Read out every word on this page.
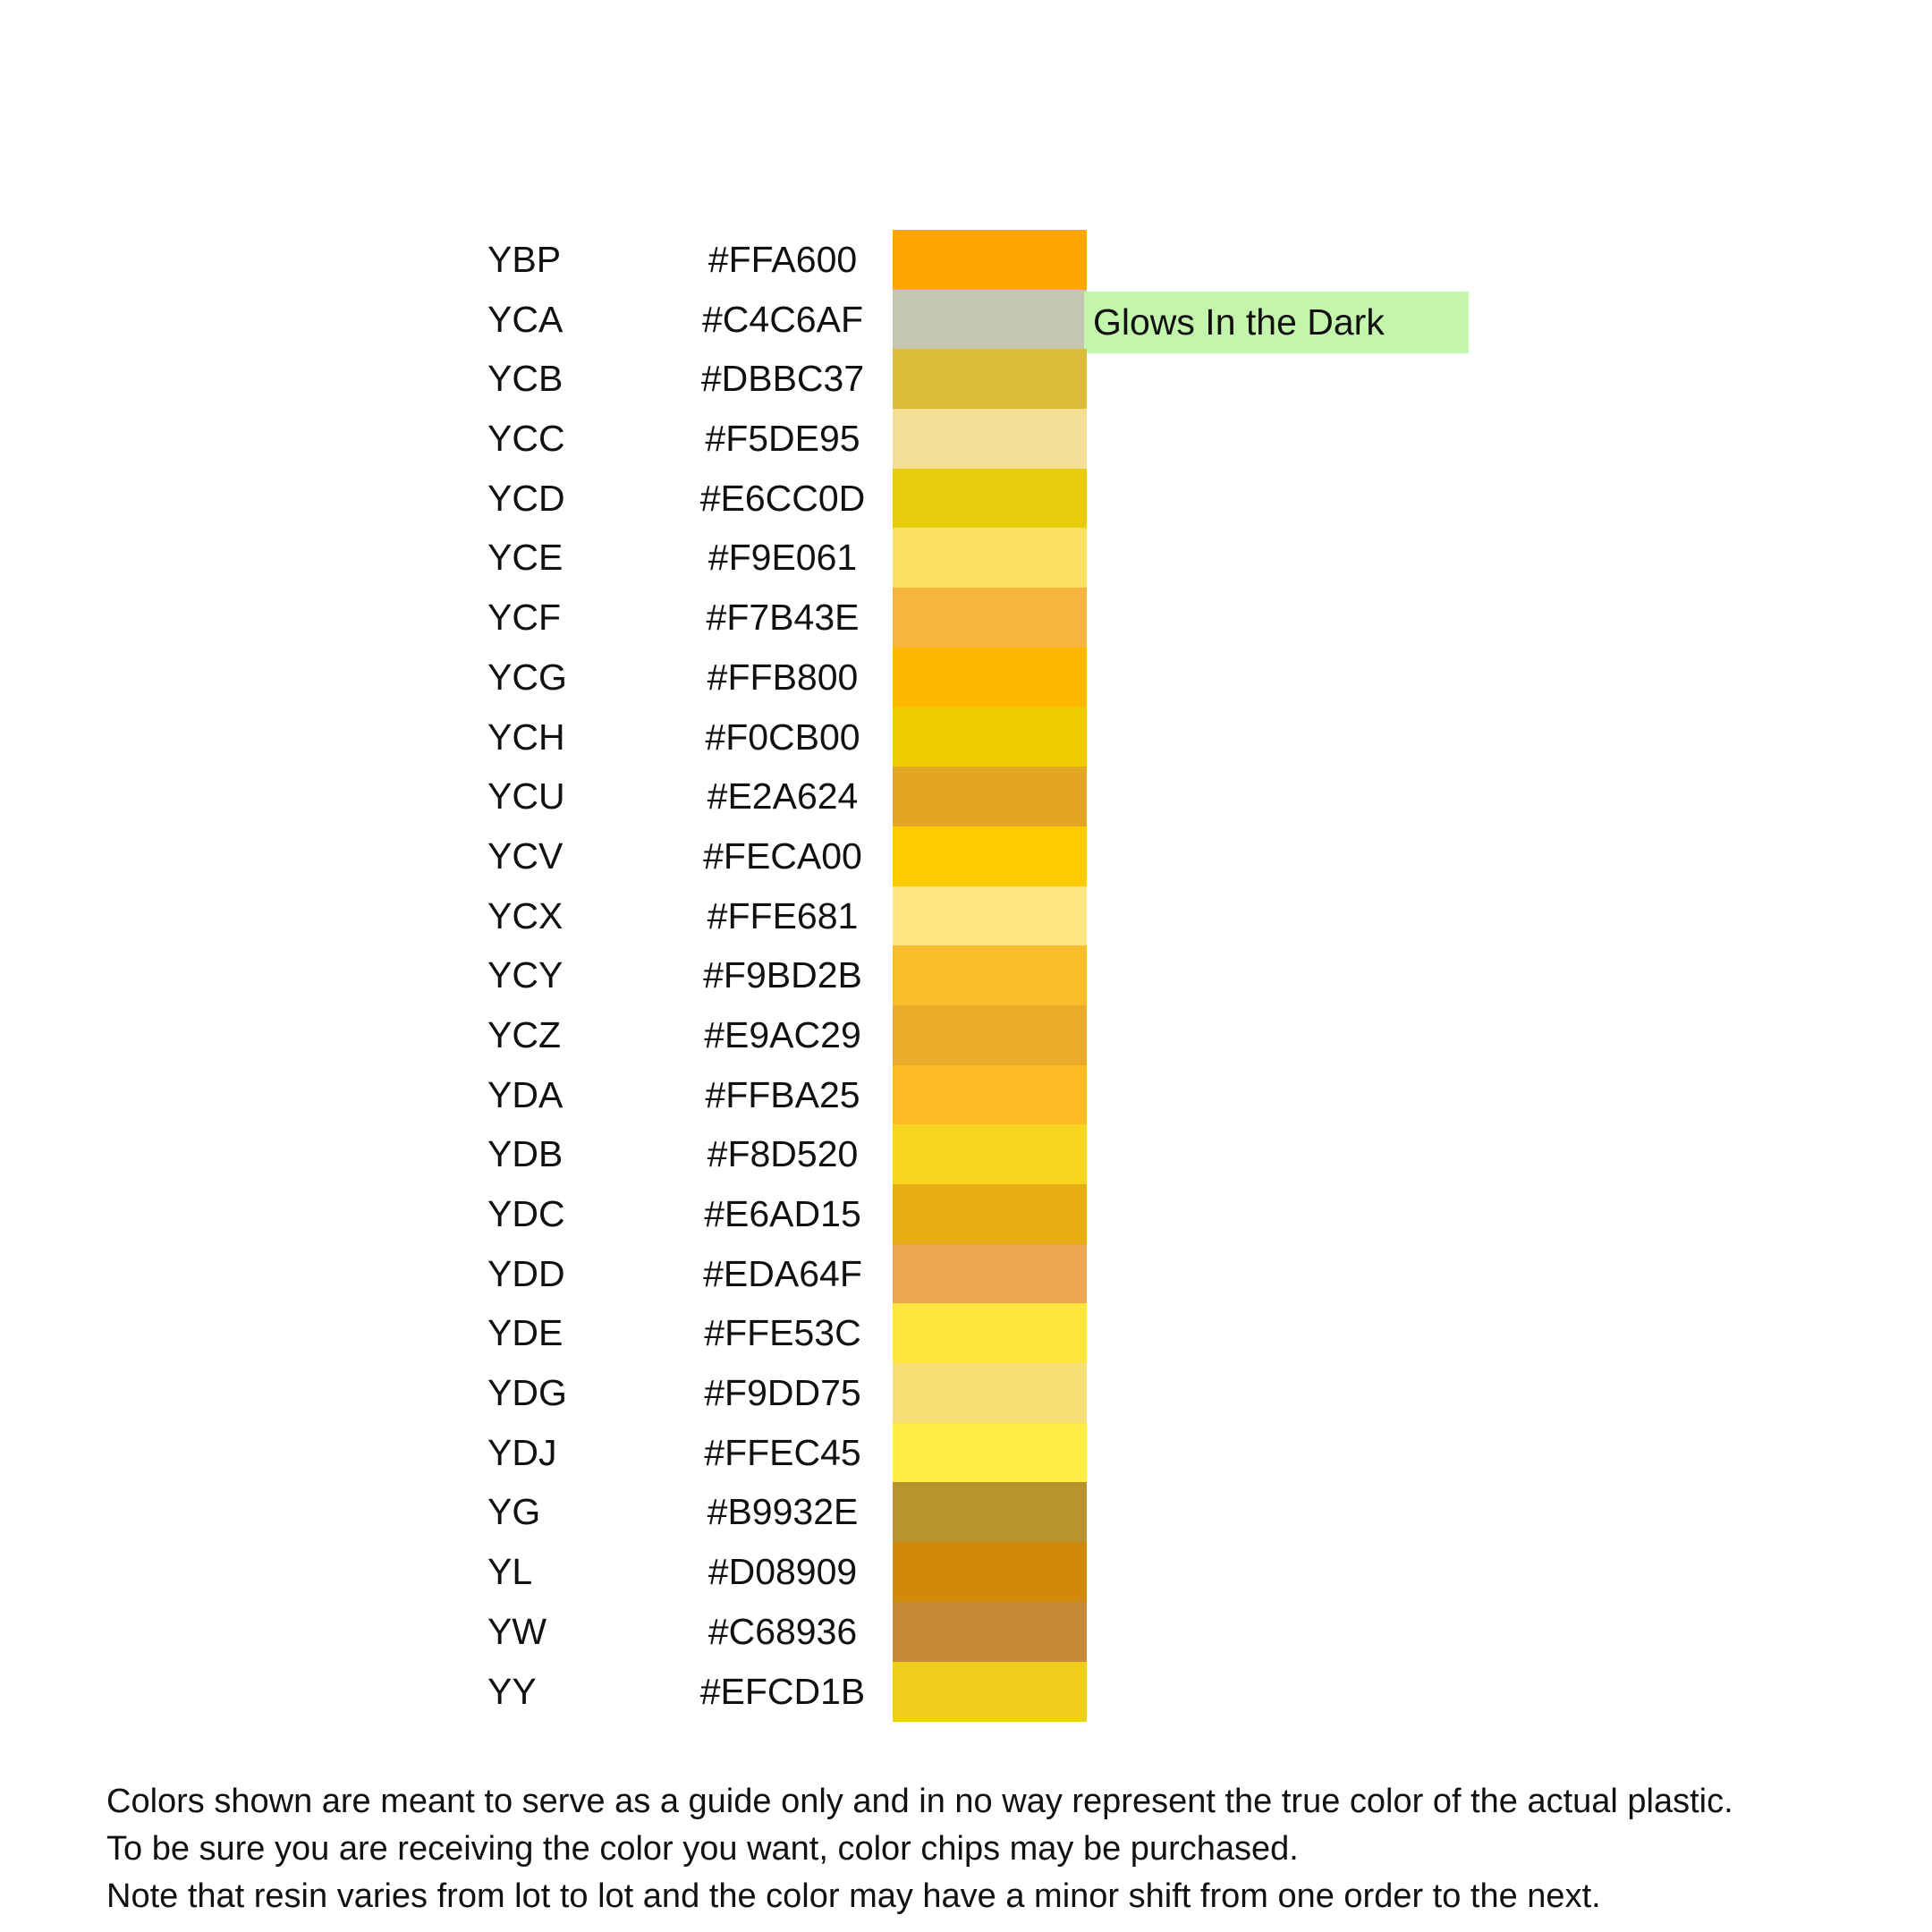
YBP	#FFA600
YCA	#C4C6AF	Glows In the Dark
YCB	#DBBC37
YCC	#F5DE95
YCD	#E6CC0D
YCE	#F9E061
YCF	#F7B43E
YCG	#FFB800
YCH	#F0CB00
YCU	#E2A624
YCV	#FECA00
YCX	#FFE681
YCY	#F9BD2B
YCZ	#E9AC29
YDA	#FFBA25
YDB	#F8D520
YDC	#E6AD15
YDD	#EDA64F
YDE	#FFE53C
YDG	#F9DD75
YDJ	#FFEC45
YG	#B9932E
YL	#D08909
YW	#C68936
YY	#EFCD1B
Colors shown are meant to serve as a guide only and in no way represent the true color of the actual plastic.
To be sure you are receiving the color you want, color chips may be purchased.
Note that resin varies from lot to lot and the color may have a minor shift from one order to the next.
